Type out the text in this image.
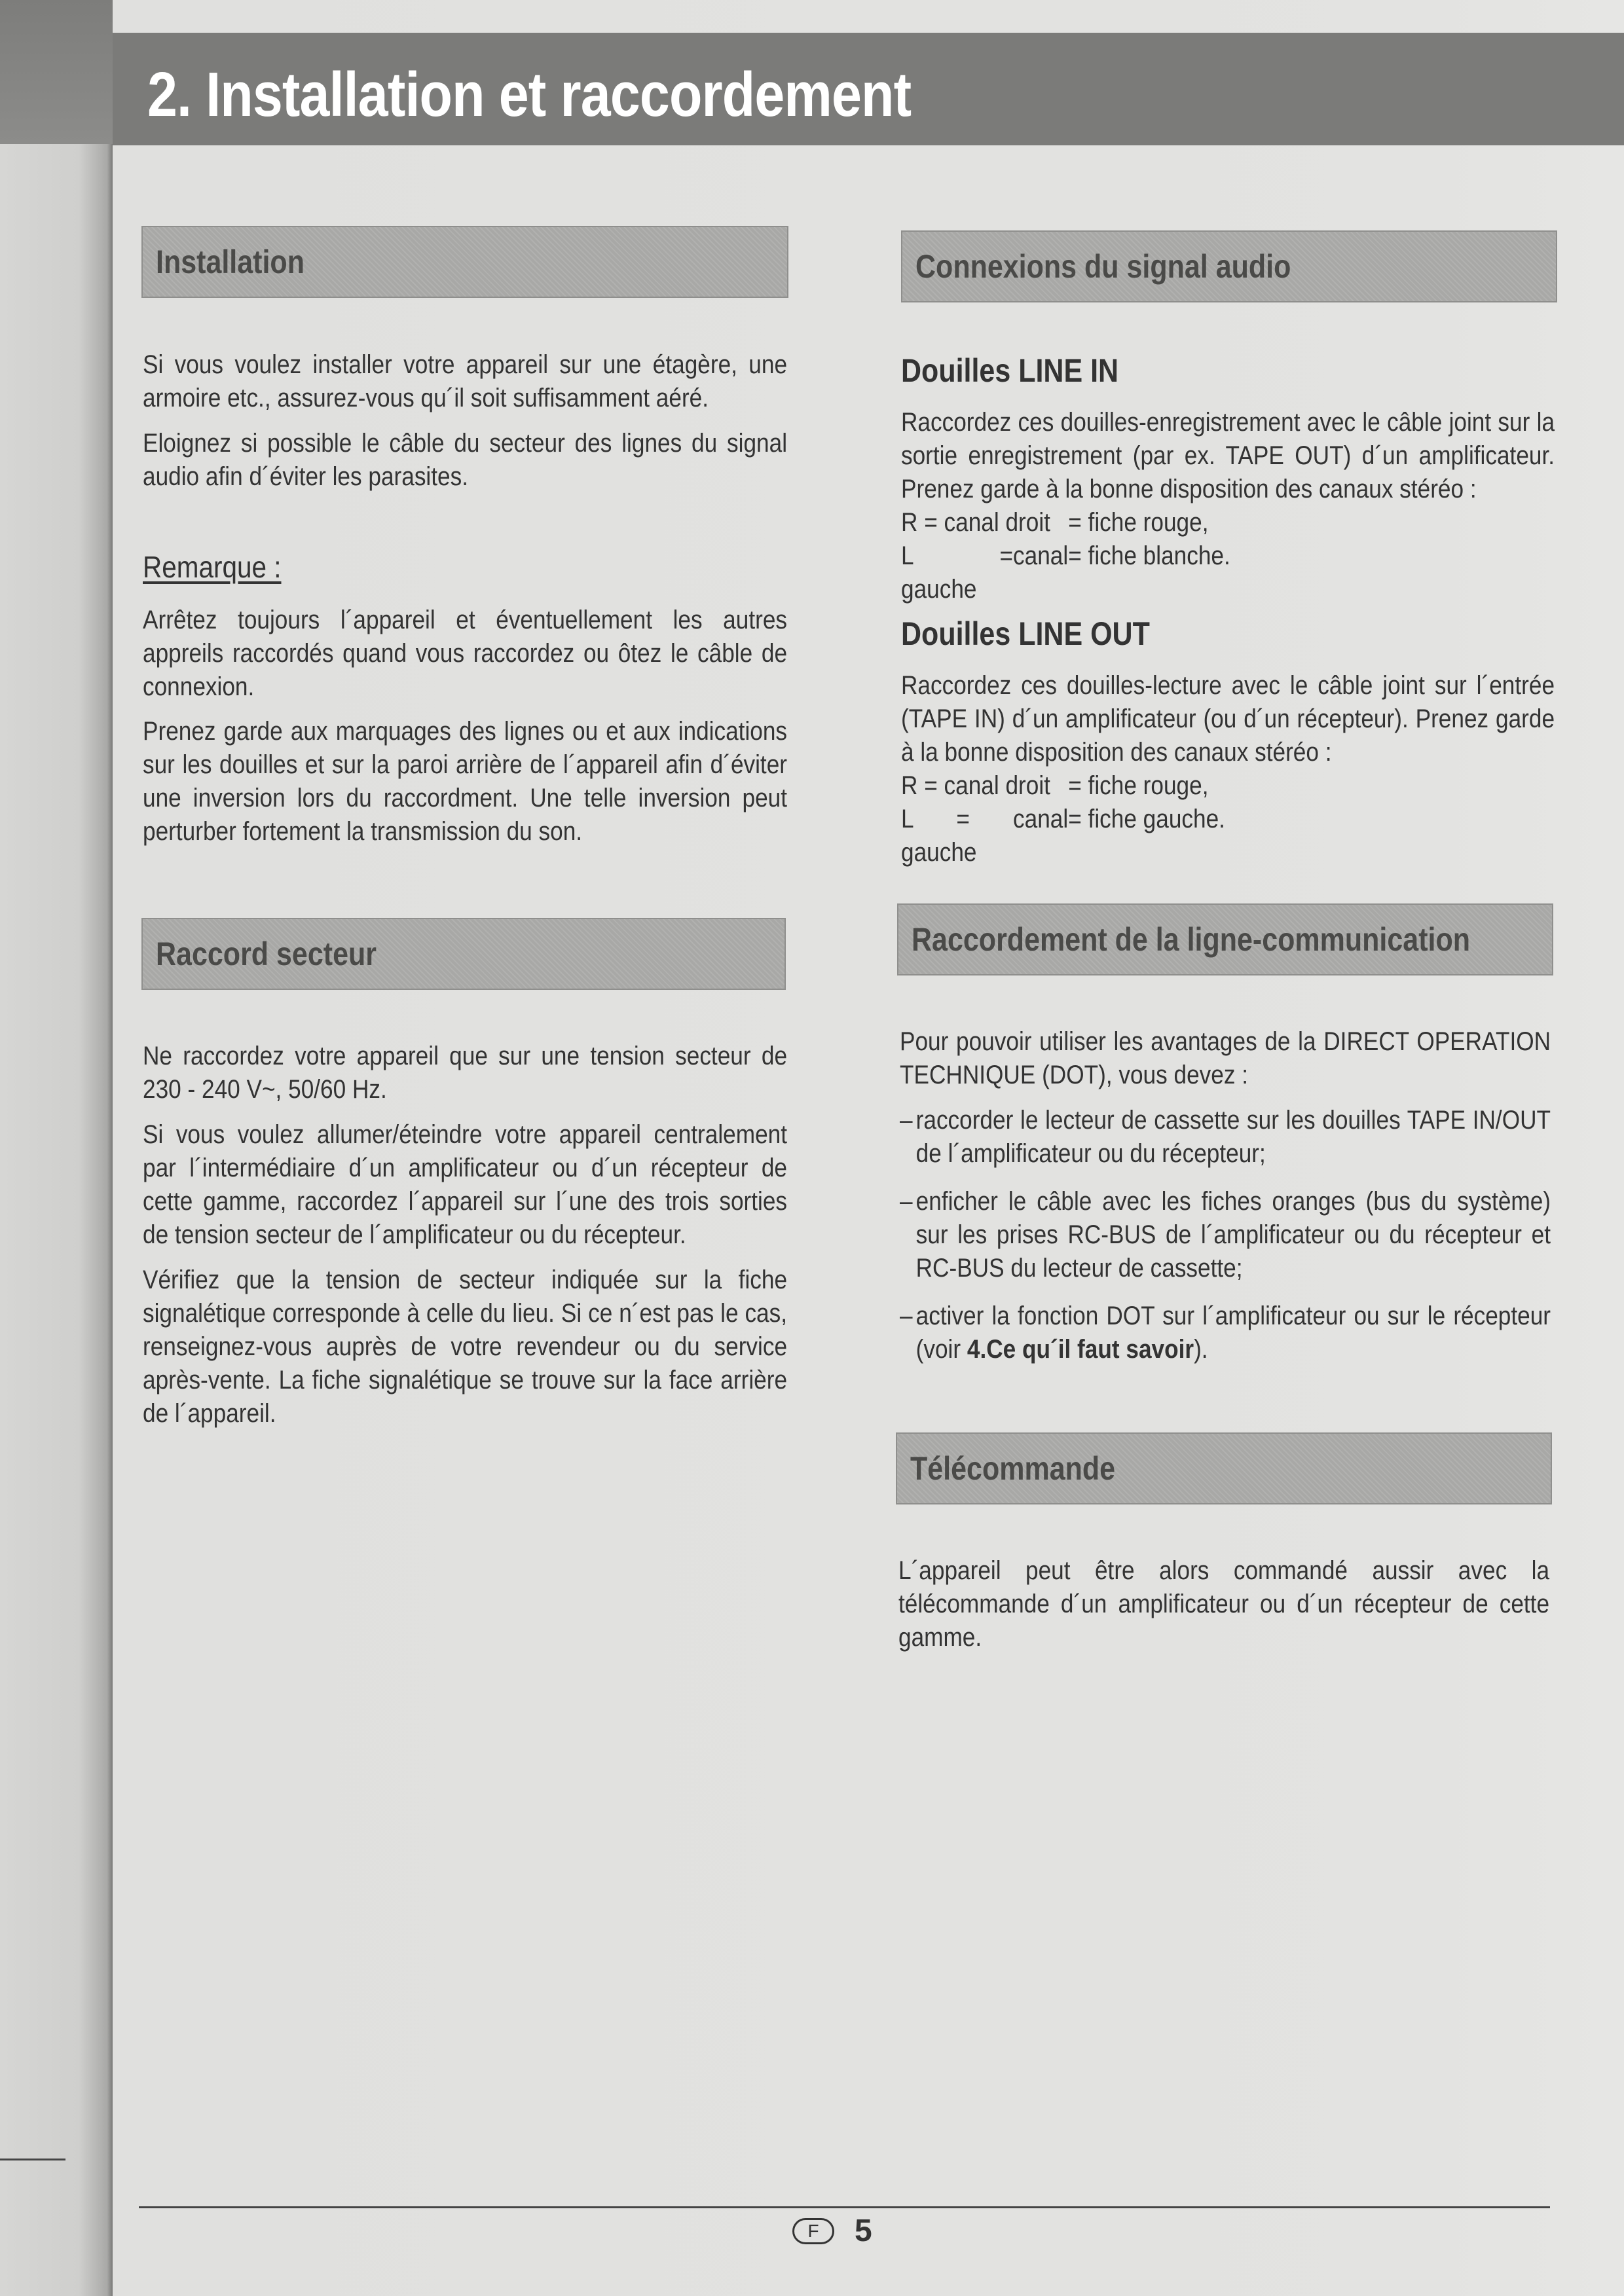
2. Installation et raccordement
Installation

Si vous voulez installer votre appareil sur une étagère, une armoire etc., assurez-vous qu´il soit suffisamment aéré.

Eloignez si possible le câble du secteur des lignes du signal audio afin d´éviter les parasites.

Remarque :

Arrêtez toujours l´appareil et éventuellement les autres appreils raccordés quand vous raccordez ou ôtez le câble de connexion.

Prenez garde aux marquages des lignes ou et aux indications sur les douilles et sur la paroi arrière de l´appareil afin d´éviter une inversion lors du raccordment. Une telle inversion peut perturber fortement la transmission du son.

Raccord secteur

Ne raccordez votre appareil que sur une tension secteur de 230 - 240 V~, 50/60 Hz.

Si vous voulez allumer/éteindre votre appareil centralement par l´intermédiaire d´un amplificateur ou d´un récepteur de cette gamme, raccordez l´appareil sur l´une des trois sorties de tension secteur de l´amplificateur ou du récepteur.

Vérifiez que la tension de secteur indiquée sur la fiche signalétique corresponde à celle du lieu. Si ce n´est pas le cas, renseignez-vous auprès de votre revendeur ou du service après-vente. La fiche signalétique se trouve sur la face arrière de l´appareil.

Connexions du signal audio

Douilles LINE IN

Raccordez ces douilles-enregistrement avec le câble joint sur la sortie enregistrement (par ex. TAPE OUT) d´un amplificateur. Prenez garde à la bonne disposition des canaux stéréo :
R = canal droit = fiche rouge,
L =canal gauche
= fiche blanche.

Douilles LINE OUT

Raccordez ces douilles-lecture avec le câble joint sur l´entrée (TAPE IN) d´un amplificateur (ou d´un récepteur). Prenez garde à la bonne disposition des canaux stéréo :
R = canal droit = fiche rouge,
L = canal gauche
= fiche gauche.
Raccordement de la ligne-communication

Pour pouvoir utiliser les avantages de la DIRECT OPERATION TECHNIQUE (DOT), vous devez :

– raccorder le lecteur de cassette sur les douilles TAPE IN/OUT de l´amplificateur ou du récepteur;
– enficher le câble avec les fiches oranges (bus du système) sur les prises RC-BUS de l´amplificateur ou du récepteur et RC-BUS du lecteur de cassette;
– activer la fonction DOT sur l´amplificateur ou sur le récepteur (voir 4.Ce qu´il faut savoir).
Télécommande

L´appareil peut être alors commandé aussir avec la télécommande d´un amplificateur ou d´un récepteur de cette gamme.

F	5
